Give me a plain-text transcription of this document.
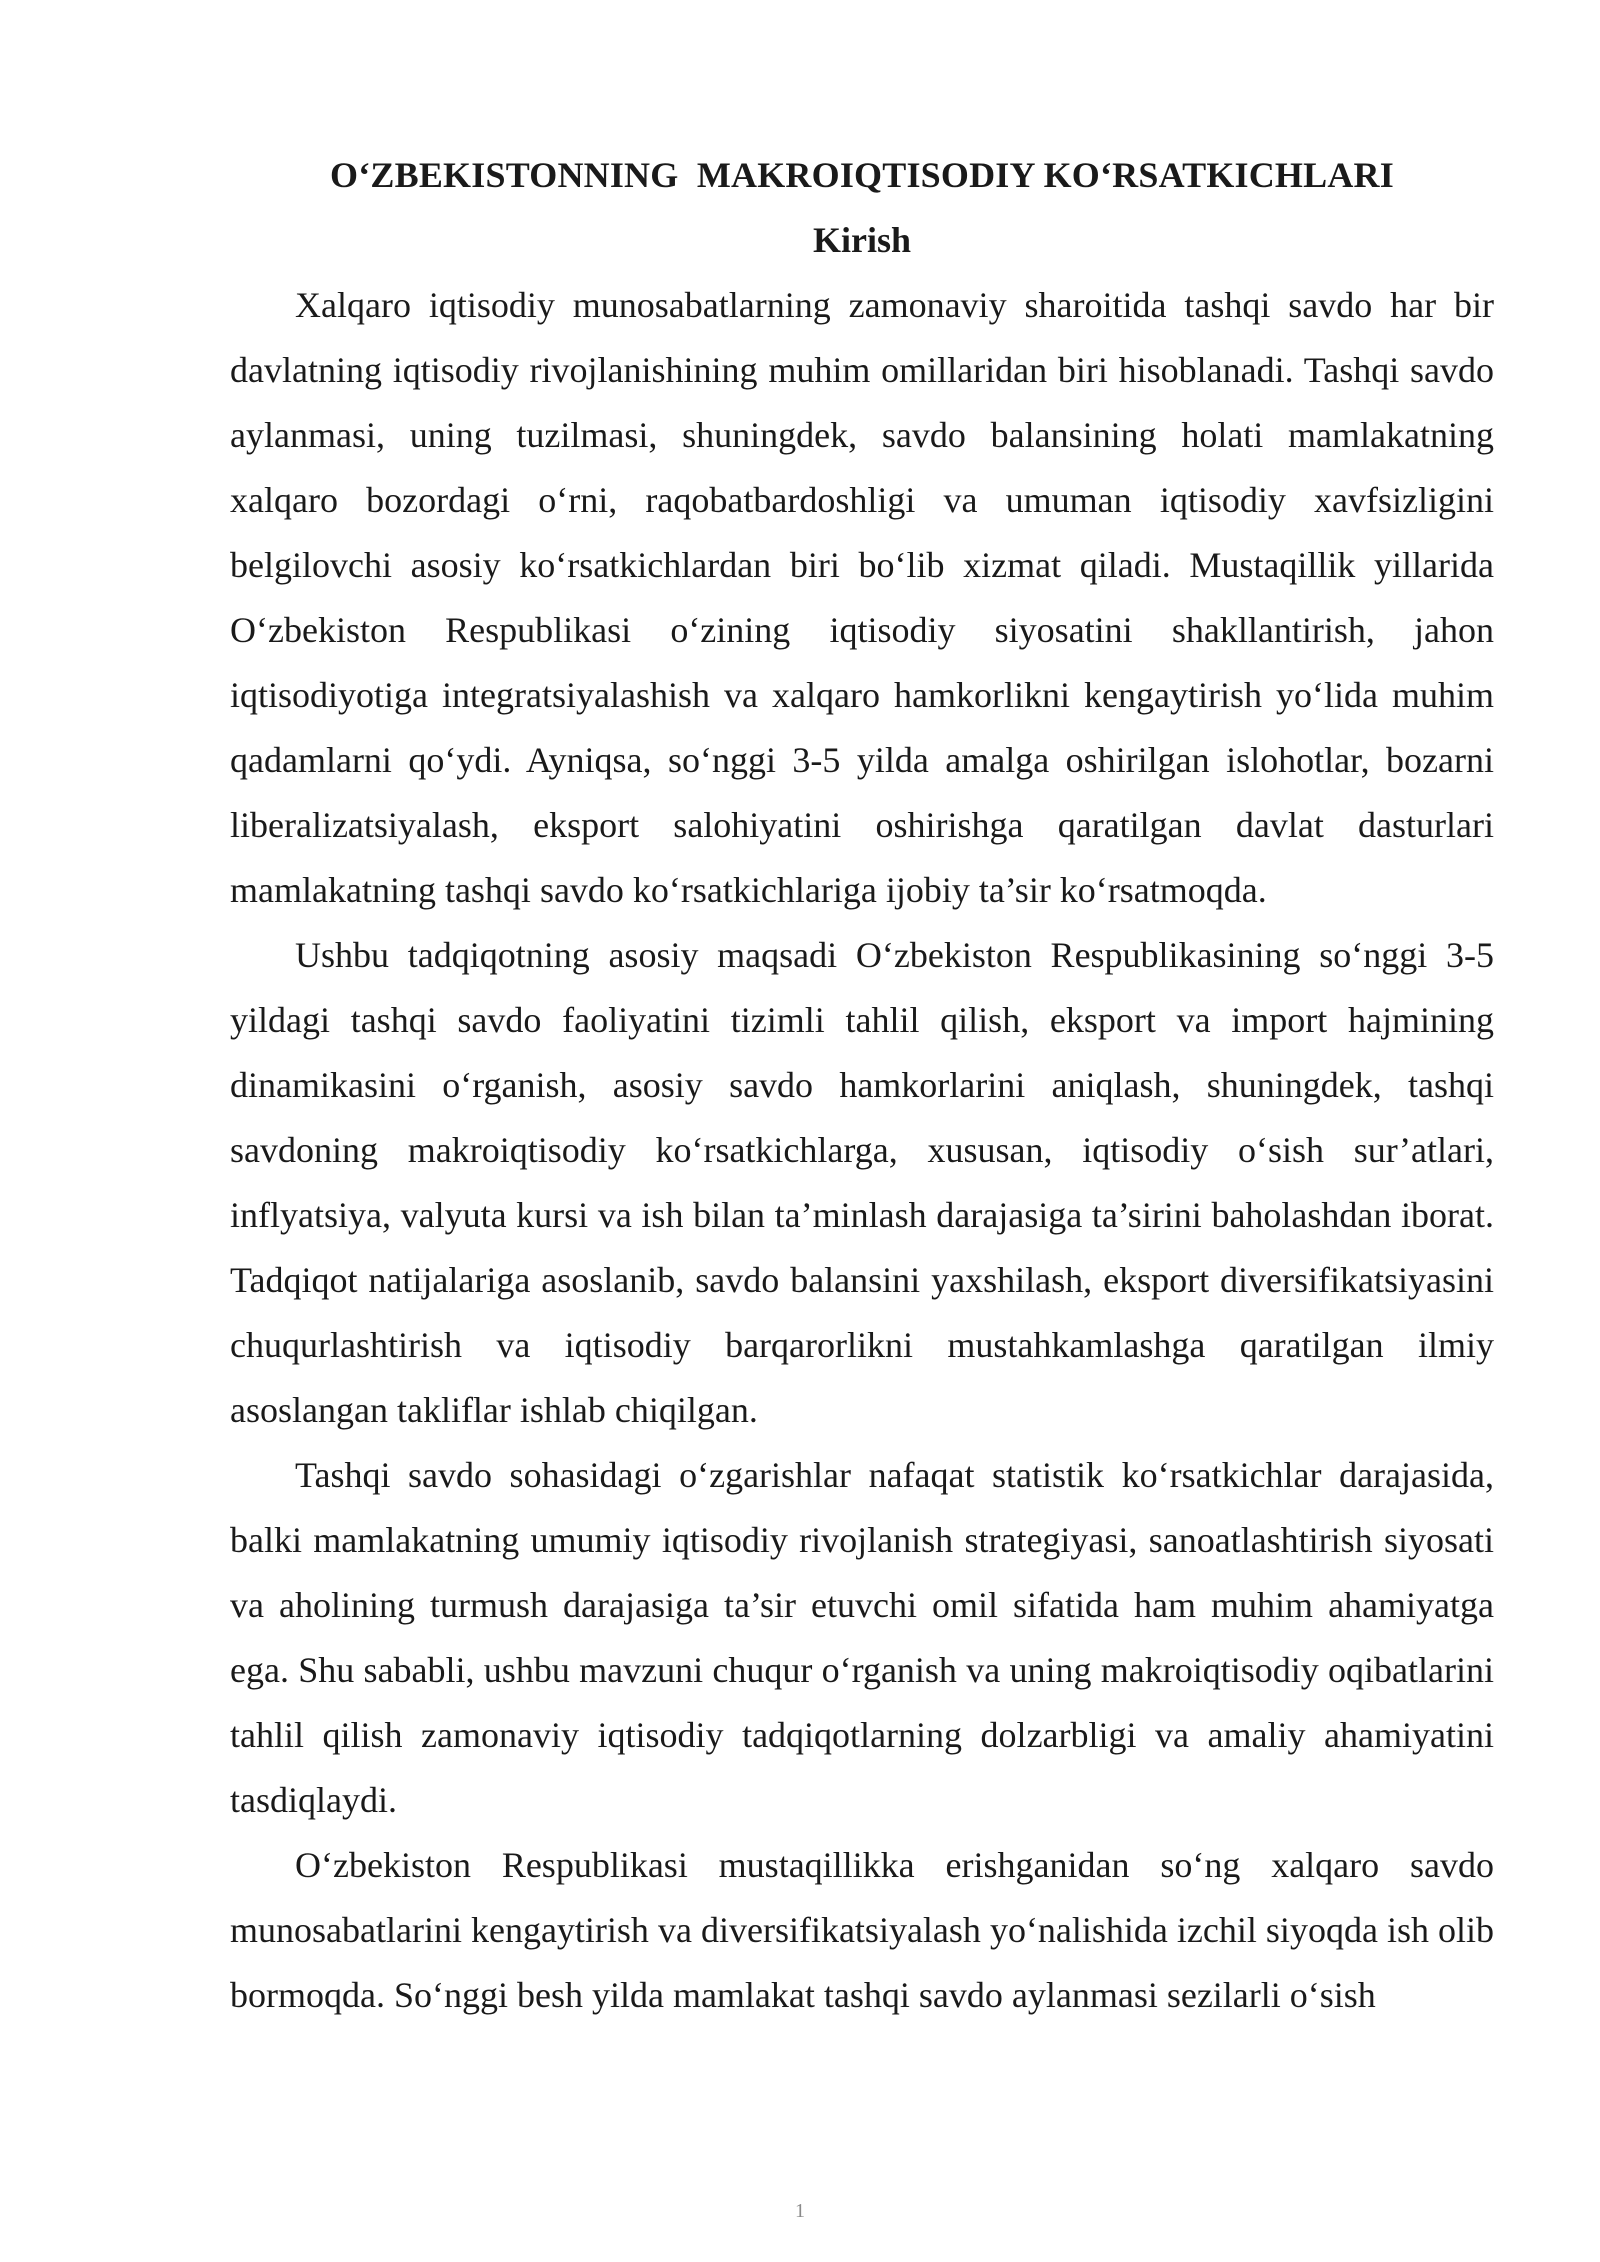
O‘ZBEKISTONNING  MAKROIQTISODIY KO‘RSATKICHLARI

Kirish

Xalqaro iqtisodiy munosabatlarning zamonaviy sharoitida tashqi savdo har bir davlatning iqtisodiy rivojlanishining muhim omillaridan biri hisoblanadi. Tashqi savdo aylanmasi, uning tuzilmasi, shuningdek, savdo balansining holati mamlakatning xalqaro bozordagi o‘rni, raqobatbardoshligi va umuman iqtisodiy xavfsizligini belgilovchi asosiy ko‘rsatkichlardan biri bo‘lib xizmat qiladi. Mustaqillik yillarida O‘zbekiston Respublikasi o‘zining iqtisodiy siyosatini shakllantirish, jahon iqtisodiyotiga integratsiyalashish va xalqaro hamkorlikni kengaytirish yo‘lida muhim qadamlarni qo‘ydi. Ayniqsa, so‘nggi 3-5 yilda amalga oshirilgan islohotlar, bozarni liberalizatsiyalash, eksport salohiyatini oshirishga qaratilgan davlat dasturlari mamlakatning tashqi savdo ko‘rsatkichlariga ijobiy ta’sir ko‘rsatmoqda.

Ushbu tadqiqotning asosiy maqsadi O‘zbekiston Respublikasining so‘nggi 3-5 yildagi tashqi savdo faoliyatini tizimli tahlil qilish, eksport va import hajmining dinamikasini o‘rganish, asosiy savdo hamkorlarini aniqlash, shuningdek, tashqi savdoning makroiqtisodiy ko‘rsatkichlarga, xususan, iqtisodiy o‘sish sur’atlari, inflyatsiya, valyuta kursi va ish bilan ta’minlash darajasiga ta’sirini baholashdan iborat. Tadqiqot natijalariga asoslanib, savdo balansini yaxshilash, eksport diversifikatsiyasini chuqurlashtirish va iqtisodiy barqarorlikni mustahkamlashga qaratilgan ilmiy asoslangan takliflar ishlab chiqilgan.

Tashqi savdo sohasidagi o‘zgarishlar nafaqat statistik ko‘rsatkichlar darajasida, balki mamlakatning umumiy iqtisodiy rivojlanish strategiyasi, sanoatlashtirish siyosati va aholining turmush darajasiga ta’sir etuvchi omil sifatida ham muhim ahamiyatga ega. Shu sababli, ushbu mavzuni chuqur o‘rganish va uning makroiqtisodiy oqibatlarini tahlil qilish zamonaviy iqtisodiy tadqiqotlarning dolzarbligi va amaliy ahamiyatini tasdiqlaydi.

O‘zbekiston Respublikasi mustaqillikka erishganidan so‘ng xalqaro savdo munosabatlarini kengaytirish va diversifikatsiyalash yo‘nalishida izchil siyoqda ish olib bormoqda. So‘nggi besh yilda mamlakat tashqi savdo aylanmasi sezilarli o‘sish

1
